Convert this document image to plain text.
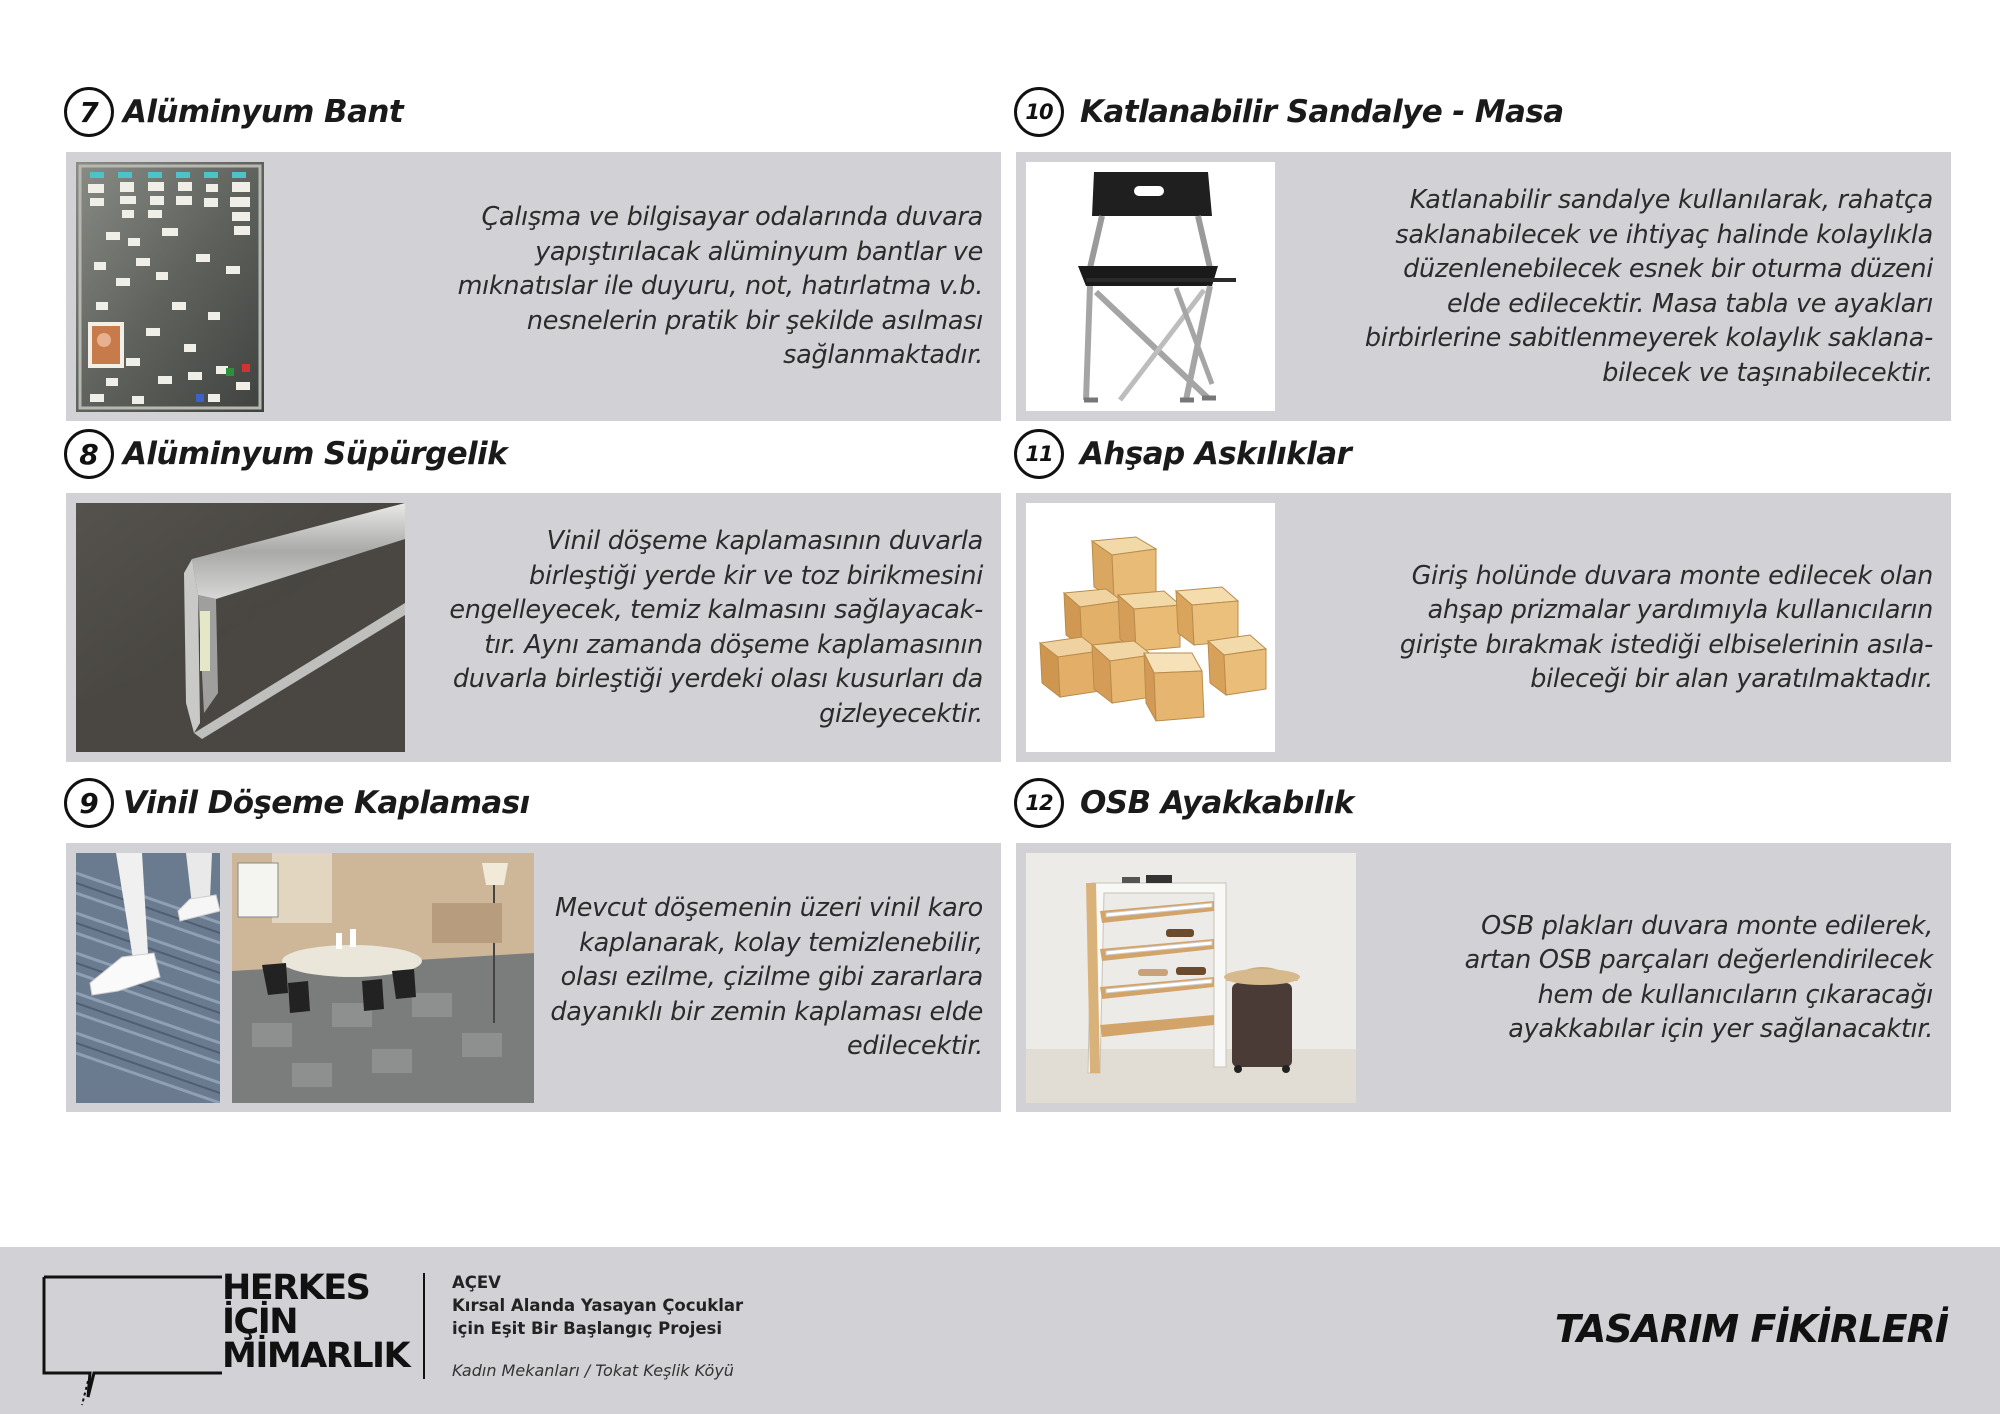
7 Alüminyum Bant

Çalışma ve bilgisayar odalarında duvara
yapıştırılacak alüminyum bantlar ve
mıknatıslar ile duyuru, not, hatırlatma v.b.
nesnelerin pratik bir şekilde asılması
sağlanmaktadır.

10 Katlanabilir Sandalye - Masa

Katlanabilir sandalye kullanılarak, rahatça
saklanabilecek ve ihtiyaç halinde kolaylıkla
düzenlenebilecek esnek bir oturma düzeni
elde edilecektir. Masa tabla ve ayakları
birbirlerine sabitlenmeyerek kolaylık saklana-
bilecek ve taşınabilecektir.

8 Alüminyum Süpürgelik

Vinil döşeme kaplamasının duvarla
birleştiği yerde kir ve toz birikmesini
engelleyecek, temiz kalmasını sağlayacak-
tır. Aynı zamanda döşeme kaplamasının
duvarla birleştiği yerdeki olası kusurları da
gizleyecektir.

11 Ahşap Askılıklar

Giriş holünde duvara monte edilecek olan
ahşap prizmalar yardımıyla kullanıcıların
girişte bırakmak istediği elbiselerinin asıla-
bileceği bir alan yaratılmaktadır.

9 Vinil Döşeme Kaplaması

Mevcut döşemenin üzeri vinil karo
kaplanarak, kolay temizlenebilir,
olası ezilme, çizilme gibi zararlara
dayanıklı bir zemin kaplaması elde
edilecektir.

12 OSB Ayakkabılık

OSB plakları duvara monte edilerek,
artan OSB parçaları değerlendirilecek
hem de kullanıcıların çıkaracağı
ayakkabılar için yer sağlanacaktır.

HERKES
İÇİN
MİMARLIK
AÇEV
Kırsal Alanda Yasayan Çocuklar
için Eşit Bir Başlangıç Projesi
Kadın Mekanları / Tokat Keşlik Köyü
TASARIM FİKİRLERİ
